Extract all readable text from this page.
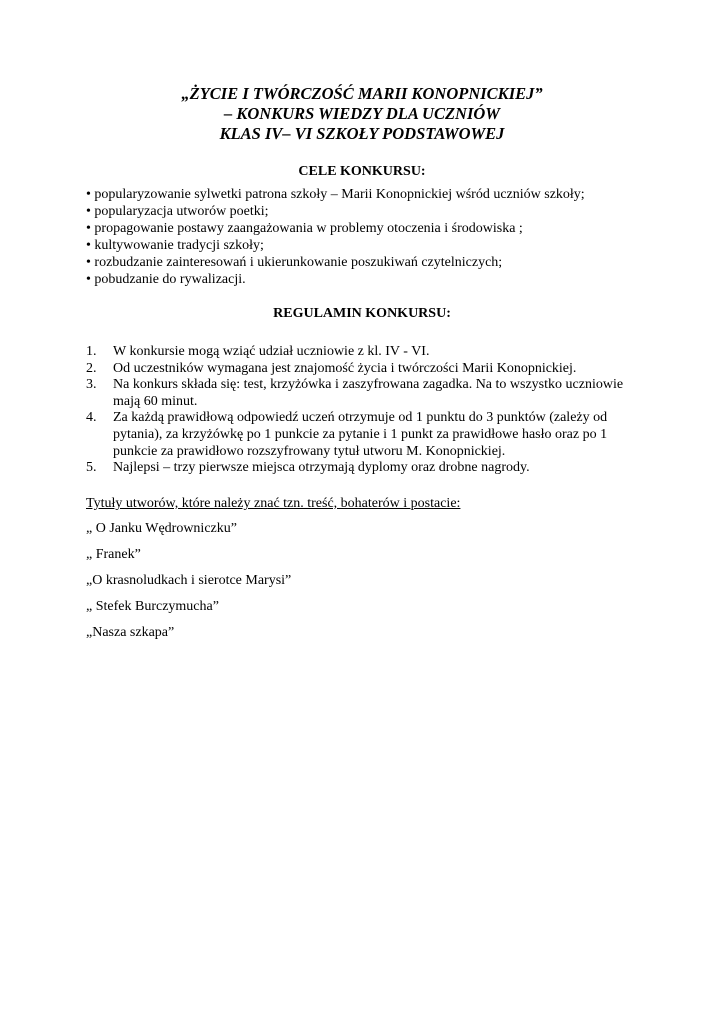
„ŻYCIE I TWÓRCZOŚĆ MARII KONOPNICKIEJ”
– KONKURS WIEDZY DLA UCZNIÓW
KLAS IV– VI SZKOŁY PODSTAWOWEJ
CELE KONKURSU:
• popularyzowanie sylwetki patrona szkoły – Marii Konopnickiej wśród uczniów szkoły;
• popularyzacja utworów poetki;
• propagowanie postawy zaangażowania w problemy otoczenia i środowiska ;
• kultywowanie tradycji szkoły;
• rozbudzanie zainteresowań i ukierunkowanie poszukiwań czytelniczych;
• pobudzanie do rywalizacji.
REGULAMIN KONKURSU:
1. W konkursie mogą wziąć udział uczniowie z kl. IV - VI.
2. Od uczestników wymagana jest znajomość życia i twórczości Marii Konopnickiej.
3. Na konkurs składa się: test, krzyżówka i zaszyfrowana zagadka. Na to wszystko uczniowie mają 60 minut.
4. Za każdą prawidłową odpowiedź uczeń otrzymuje od 1 punktu do 3 punktów (zależy od pytania), za krzyżówkę po 1 punkcie za pytanie i 1 punkt za prawidłowe hasło oraz po 1 punkcie za prawidłowo rozszyfrowany tytuł utworu M. Konopnickiej.
5. Najlepsi – trzy pierwsze miejsca otrzymają dyplomy oraz drobne nagrody.
Tytuły utworów, które należy znać tzn. treść, bohaterów i postacie:
„ O Janku Wędrowniczku”
„ Franek”
„O krasnoludkach i sierotce Marysi”
„ Stefek Burczymucha”
„Nasza szkapa”
